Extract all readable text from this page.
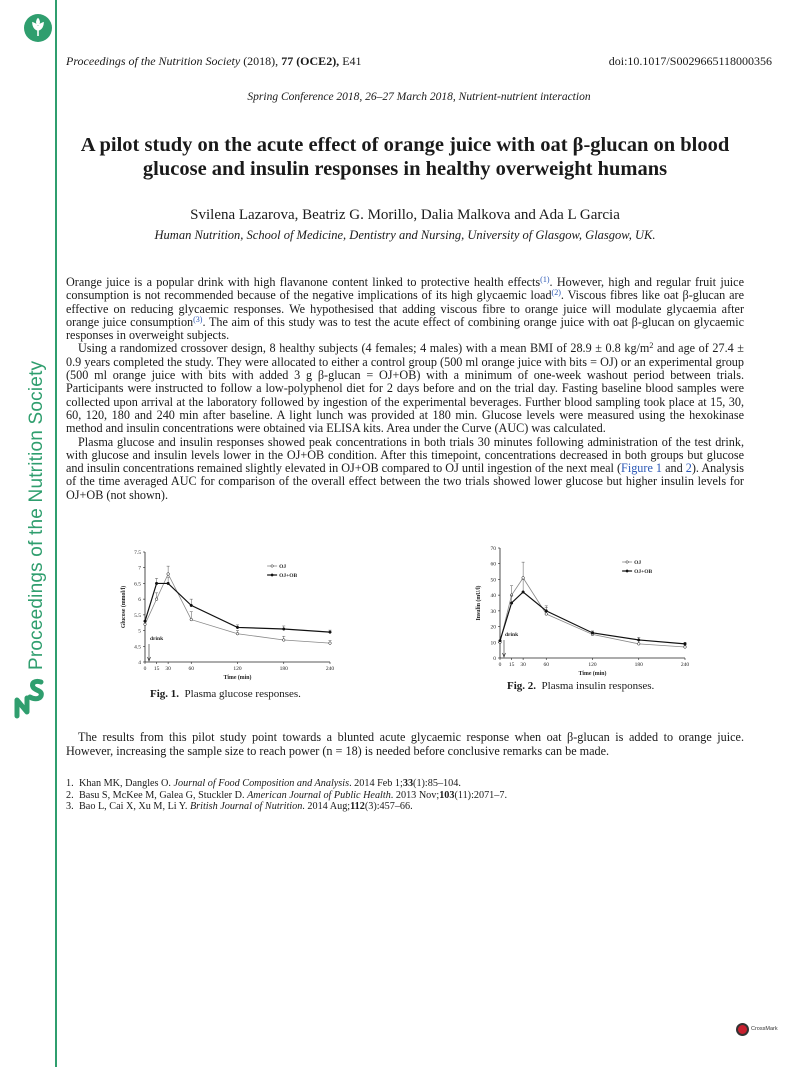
Proceedings of the Nutrition Society
Proceedings of the Nutrition Society (2018), 77 (OCE2), E41	doi:10.1017/S0029665118000356
Spring Conference 2018, 26–27 March 2018, Nutrient-nutrient interaction
A pilot study on the acute effect of orange juice with oat β-glucan on blood glucose and insulin responses in healthy overweight humans
Svilena Lazarova, Beatriz G. Morillo, Dalia Malkova and Ada L Garcia
Human Nutrition, School of Medicine, Dentistry and Nursing, University of Glasgow, Glasgow, UK.

Orange juice is a popular drink with high flavanone content linked to protective health effects$^{(1)}$. However, high and regular fruit juice consumption is not recommended because of the negative implications of its high glycaemic load$^{(2)}$. Viscous fibres like oat β-glucan are effective on reducing glycaemic responses. We hypothesised that adding viscous fibre to orange juice will modulate glycaemia after orange juice consumption$^{(3)}$. The aim of this study was to test the acute effect of combining orange juice with oat β-glucan on glycaemic responses in overweight subjects.

Using a randomized crossover design, 8 healthy subjects (4 females; 4 males) with a mean BMI of 28.9 ± 0.8 $kg/m^2$ and age of 27.4 ± 0.9 years completed the study. They were allocated to either a control group (500 ml orange juice with bits = OJ) or an experimental group (500 ml orange juice with bits with added 3 g β-glucan = OJ+OB) with a minimum of one-week washout period between trials. Participants were instructed to follow a low-polyphenol diet for 2 days before and on the trial day. Fasting baseline blood samples were collected upon arrival at the laboratory followed by ingestion of the experimental beverages. Further blood sampling took place at 15, 30, 60, 120, 180 and 240 min after baseline. A light lunch was provided at 180 min. Glucose levels were measured using the hexokinase method and insulin concentrations were obtained via ELISA kits. Area under the Curve (AUC) was calculated.

Plasma glucose and insulin responses showed peak concentrations in both trials 30 minutes following administration of the test drink, with glucose and insulin levels lower in the OJ+OB condition. After this timepoint, concentrations decreased in both groups but glucose and insulin concentrations remained slightly elevated in OJ+OB compared to OJ until ingestion of the next meal (Figure 1 and 2). Analysis of the time averaged AUC for comparison of the overall effect between the two trials showed lower glucose but higher insulin levels for OJ+OB (not shown).

4
4.5
5
5.5
6
6.5
7
7.5
0 15 30	60	120	180	240
Time (min)
Glucose (mmol/l)
drink
OJ
OJ+OB
Fig. 1. Plasma glucose responses.
0
10
20
30
40
50
60
70
0 15 30	60	120	180	240
Time (min)
Insulin (mU/l)
drink
OJ
OJ+OB
Fig. 2. Plasma insulin responses.

The results from this pilot study point towards a blunted acute glycaemic response when oat β-glucan is added to orange juice. However, increasing the sample size to reach power (n = 18) is needed before conclusive remarks can be made.

1. Khan MK, Dangles O. Journal of Food Composition and Analysis. 2014 Feb 1;33(1):85–104.
2. Basu S, McKee M, Galea G, Stuckler D. American Journal of Public Health. 2013 Nov;103(11):2071–7.
3. Bao L, Cai X, Xu M, Li Y. British Journal of Nutrition. 2014 Aug;112(3):457–66.
CrossMark
